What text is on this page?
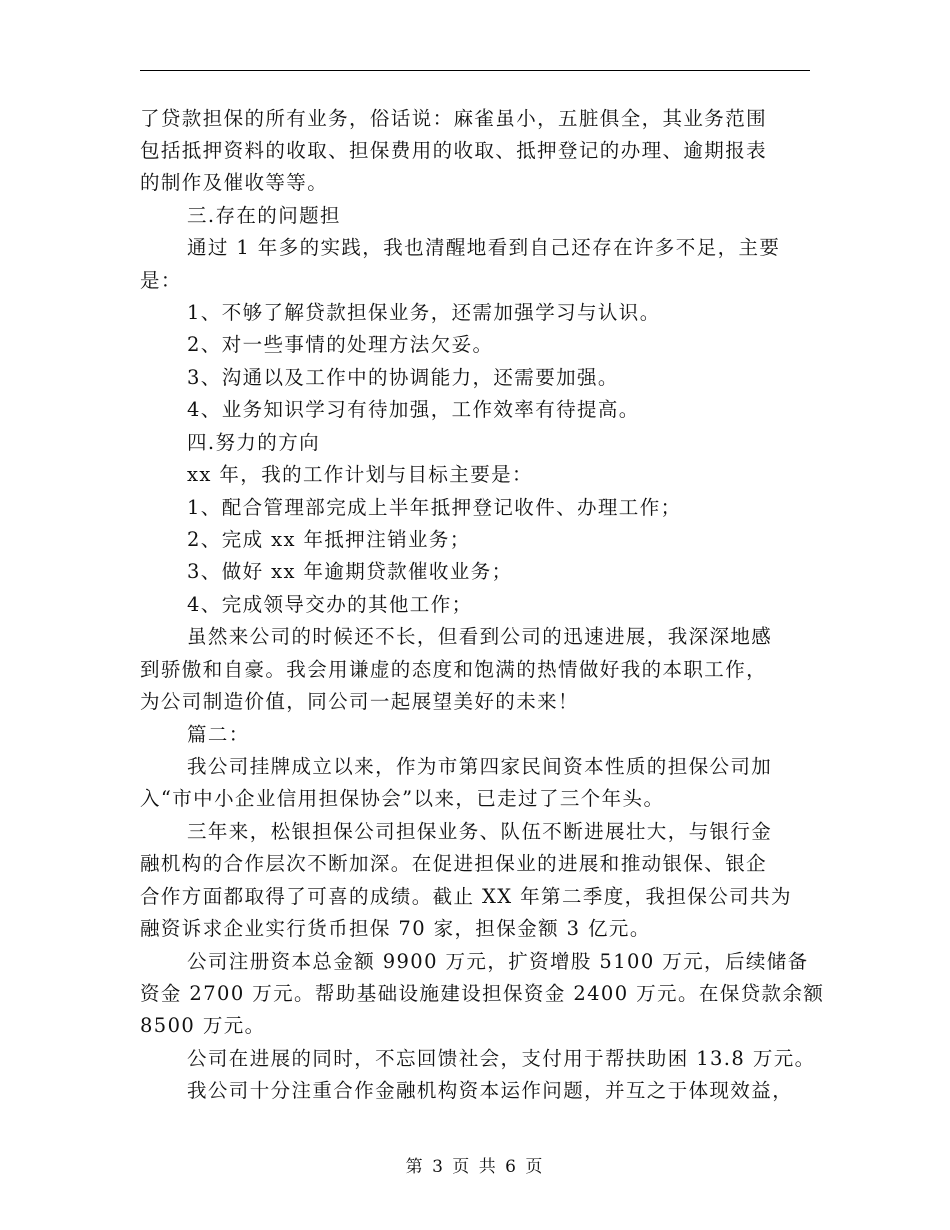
了贷款担保的所有业务，俗话说：麻雀虽小，五脏俱全，其业务范围
包括抵押资料的收取、担保费用的收取、抵押登记的办理、逾期报表
的制作及催收等等。
三.存在的问题担
通过 1 年多的实践，我也清醒地看到自己还存在许多不足，主要
是：
1、不够了解贷款担保业务，还需加强学习与认识。
2、对一些事情的处理方法欠妥。
3、沟通以及工作中的协调能力，还需要加强。
4、业务知识学习有待加强，工作效率有待提高。
四.努力的方向
xx 年，我的工作计划与目标主要是：
1、配合管理部完成上半年抵押登记收件、办理工作；
2、完成 xx 年抵押注销业务；
3、做好 xx 年逾期贷款催收业务；
4、完成领导交办的其他工作；
虽然来公司的时候还不长，但看到公司的迅速进展，我深深地感
到骄傲和自豪。我会用谦虚的态度和饱满的热情做好我的本职工作，
为公司制造价值，同公司一起展望美好的未来！
篇二：
我公司挂牌成立以来，作为市第四家民间资本性质的担保公司加
入“市中小企业信用担保协会”以来，已走过了三个年头。
三年来，松银担保公司担保业务、队伍不断进展壮大，与银行金
融机构的合作层次不断加深。在促进担保业的进展和推动银保、银企
合作方面都取得了可喜的成绩。截止 XX 年第二季度，我担保公司共为
融资诉求企业实行货币担保 70 家，担保金额 3 亿元。
公司注册资本总金额 9900 万元，扩资增股 5100 万元，后续储备
资金 2700 万元。帮助基础设施建设担保资金 2400 万元。在保贷款余额
8500 万元。
公司在进展的同时，不忘回馈社会，支付用于帮扶助困 13.8 万元。
我公司十分注重合作金融机构资本运作问题，并互之于体现效益，
第 3 页 共 6 页
